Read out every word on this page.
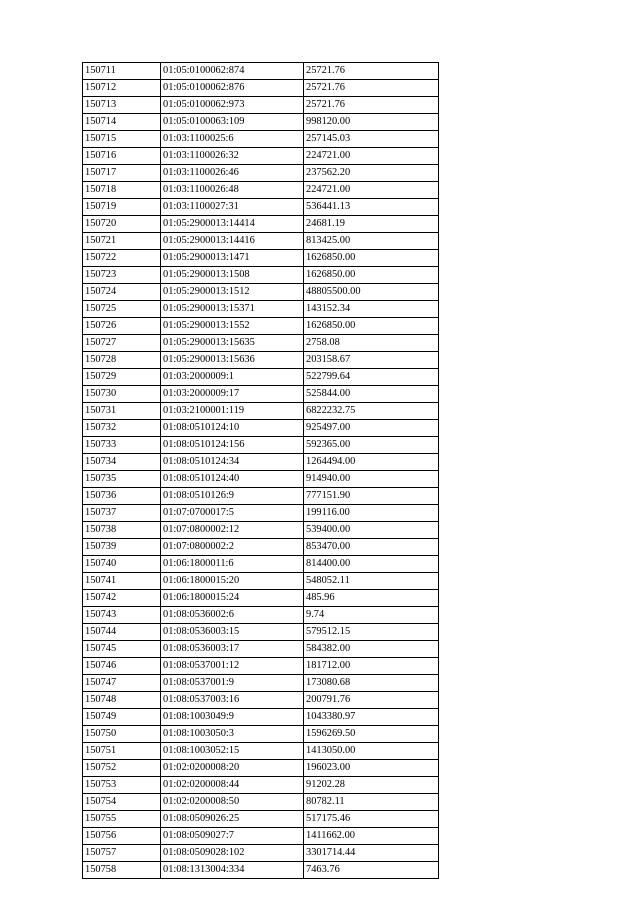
150711	01:05:0100062:874	25721.76
150712	01:05:0100062:876	25721.76
150713	01:05:0100062:973	25721.76
150714	01:05:0100063:109	998120.00
150715	01:03:1100025:6	257145.03
150716	01:03:1100026:32	224721.00
150717	01:03:1100026:46	237562.20
150718	01:03:1100026:48	224721.00
150719	01:03:1100027:31	536441.13
150720	01:05:2900013:14414	24681.19
150721	01:05:2900013:14416	813425.00
150722	01:05:2900013:1471	1626850.00
150723	01:05:2900013:1508	1626850.00
150724	01:05:2900013:1512	48805500.00
150725	01:05:2900013:15371	143152.34
150726	01:05:2900013:1552	1626850.00
150727	01:05:2900013:15635	2758.08
150728	01:05:2900013:15636	203158.67
150729	01:03:2000009:1	522799.64
150730	01:03:2000009:17	525844.00
150731	01:03:2100001:119	6822232.75
150732	01:08:0510124:10	925497.00
150733	01:08:0510124:156	592365.00
150734	01:08:0510124:34	1264494.00
150735	01:08:0510124:40	914940.00
150736	01:08:0510126:9	777151.90
150737	01:07:0700017:5	199116.00
150738	01:07:0800002:12	539400.00
150739	01:07:0800002:2	853470.00
150740	01:06:1800011:6	814400.00
150741	01:06:1800015:20	548052.11
150742	01:06:1800015:24	485.96
150743	01:08:0536002:6	9.74
150744	01:08:0536003:15	579512.15
150745	01:08:0536003:17	584382.00
150746	01:08:0537001:12	181712.00
150747	01:08:0537001:9	173080.68
150748	01:08:0537003:16	200791.76
150749	01:08:1003049:9	1043380.97
150750	01:08:1003050:3	1596269.50
150751	01:08:1003052:15	1413050.00
150752	01:02:0200008:20	196023.00
150753	01:02:0200008:44	91202.28
150754	01:02:0200008:50	80782.11
150755	01:08:0509026:25	517175.46
150756	01:08:0509027:7	1411662.00
150757	01:08:0509028:102	3301714.44
150758	01:08:1313004:334	7463.76
